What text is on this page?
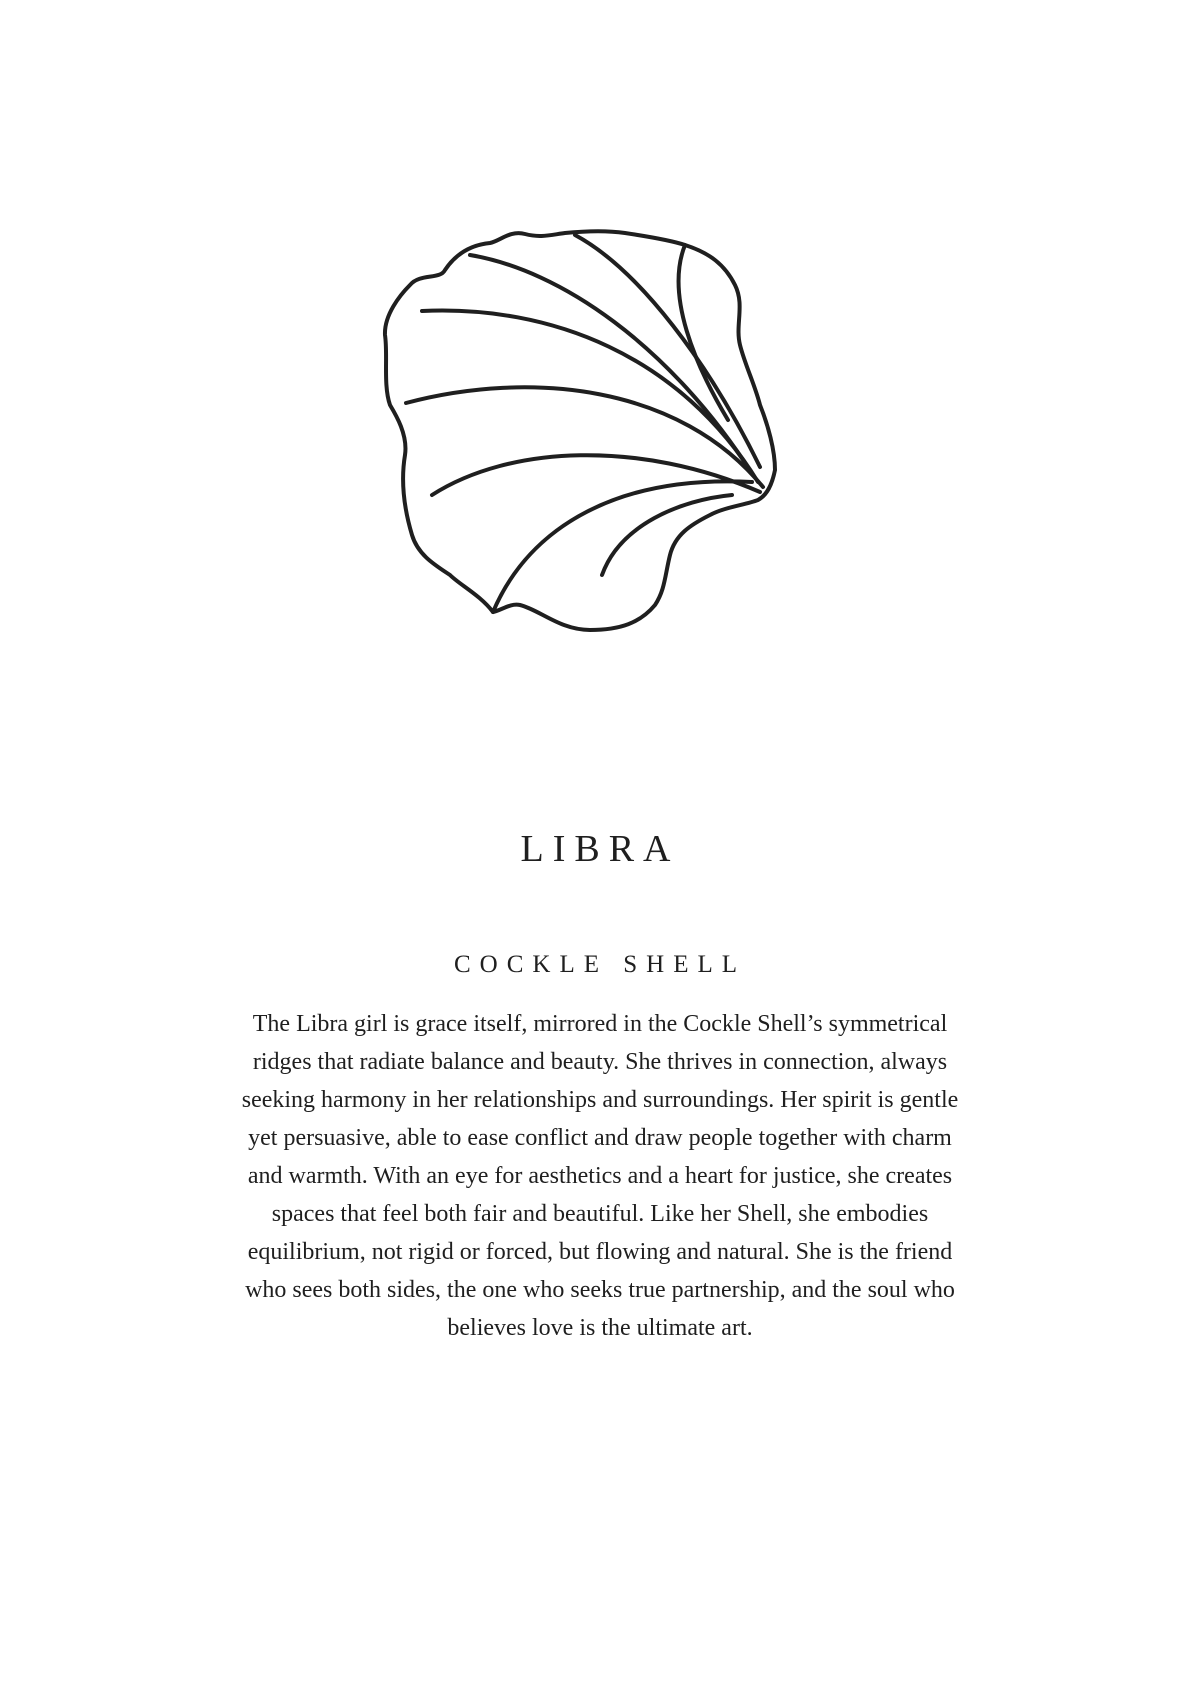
LIBRA
COCKLE SHELL

The Libra girl is grace itself, mirrored in the Cockle Shell’s symmetrical ridges that radiate balance and beauty. She thrives in connection, always seeking harmony in her relationships and surroundings. Her spirit is gentle yet persuasive, able to ease conflict and draw people together with charm and warmth. With an eye for aesthetics and a heart for justice, she creates spaces that feel both fair and beautiful. Like her Shell, she embodies equilibrium, not rigid or forced, but flowing and natural. She is the friend who sees both sides, the one who seeks true partnership, and the soul who believes love is the ultimate art.
